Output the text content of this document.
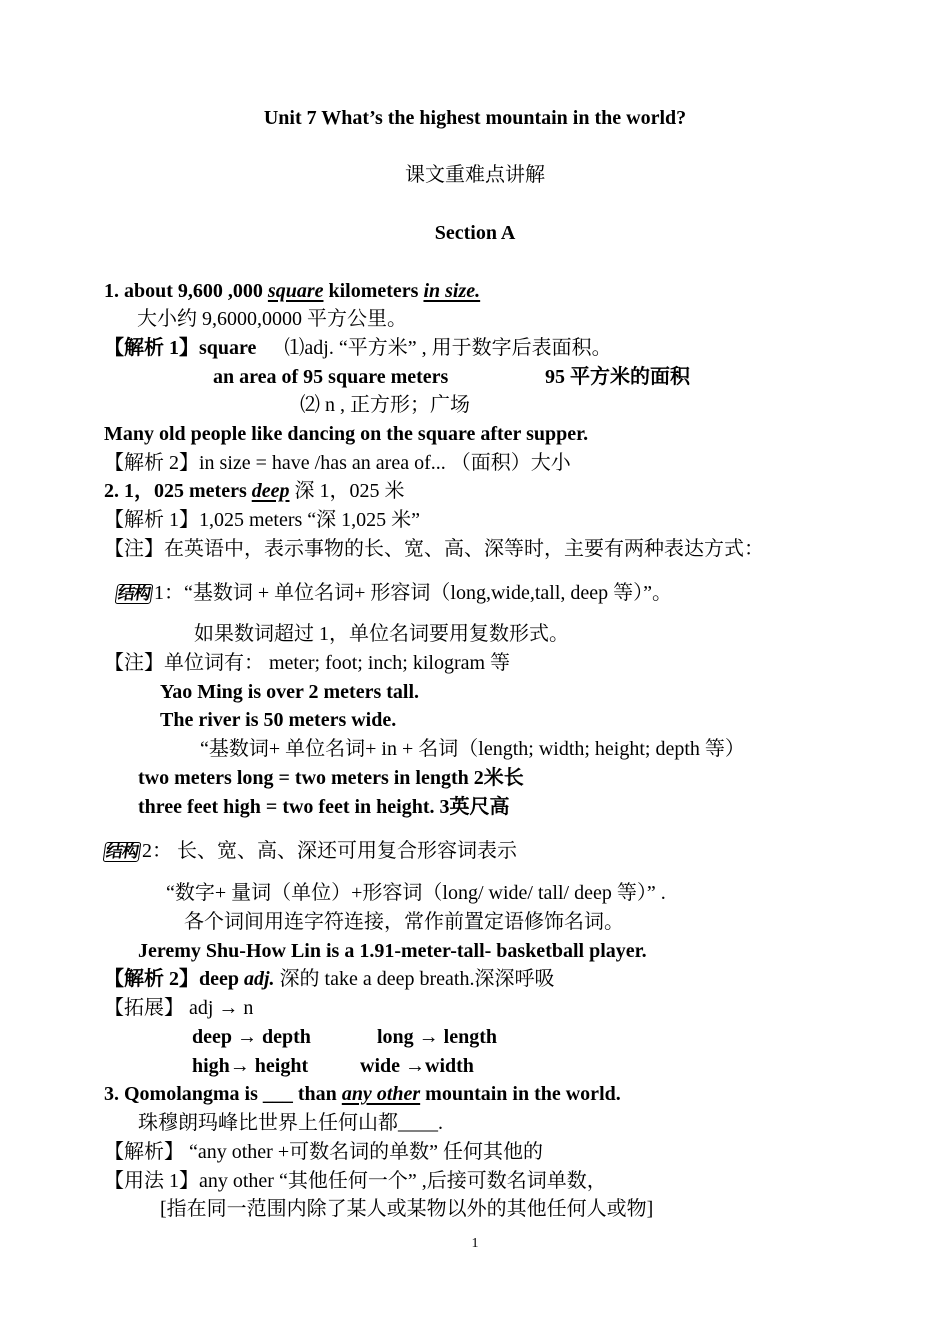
Unit 7 What’s the highest mountain in the world?
课文重难点讲解
Section A
1. about 9,600 ,000 square kilometers in size.
大小约 9,6000,0000 平方公里。
【解析 1】square ⑴adj. “平方米” , 用于数字后表面积。
an area of 95 square meters	95 平方米的面积
⑵ n , 正方形；广场
Many old people like dancing on the square after supper.
【解析 2】in size = have /has an area of... （面积）大小
2. 1，025 meters deep 深 1，025 米
【解析 1】1,025 meters “深 1,025 米”
【注】在英语中，表示事物的长、宽、高、深等时，主要有两种表达方式：
结构 1：“基数词 + 单位名词+ 形容词（long,wide,tall, deep 等）”。
如果数词超过 1，单位名词要用复数形式。
【注】单位词有： meter; foot; inch; kilogram 等
Yao Ming is over 2 meters tall.
The river is 50 meters wide.
“基数词+ 单位名词+ in + 名词（length; width; height; depth 等）
two meters long = two meters in length 2米长
three feet high = two feet in height. 3英尺高
结构 2： 长、宽、高、深还可用复合形容词表示
“数字+ 量词（单位）+形容词（long/ wide/ tall/ deep 等）” .
各个词间用连字符连接，常作前置定语修饰名词。
Jeremy Shu-How Lin is a 1.91-meter-tall- basketball player.
【解析 2】deep adj. 深的 take a deep breath.深深呼吸
【拓展】 adj → n
deep → depth	long → length
high→ height	wide →width
3. Qomolangma is ___ than any other mountain in the world.
珠穆朗玛峰比世界上任何山都____.
【解析】 “any other +可数名词的单数” 任何其他的
【用法 1】any other “其他任何一个” ,后接可数名词单数，
[指在同一范围内除了某人或某物以外的其他任何人或物]
1
